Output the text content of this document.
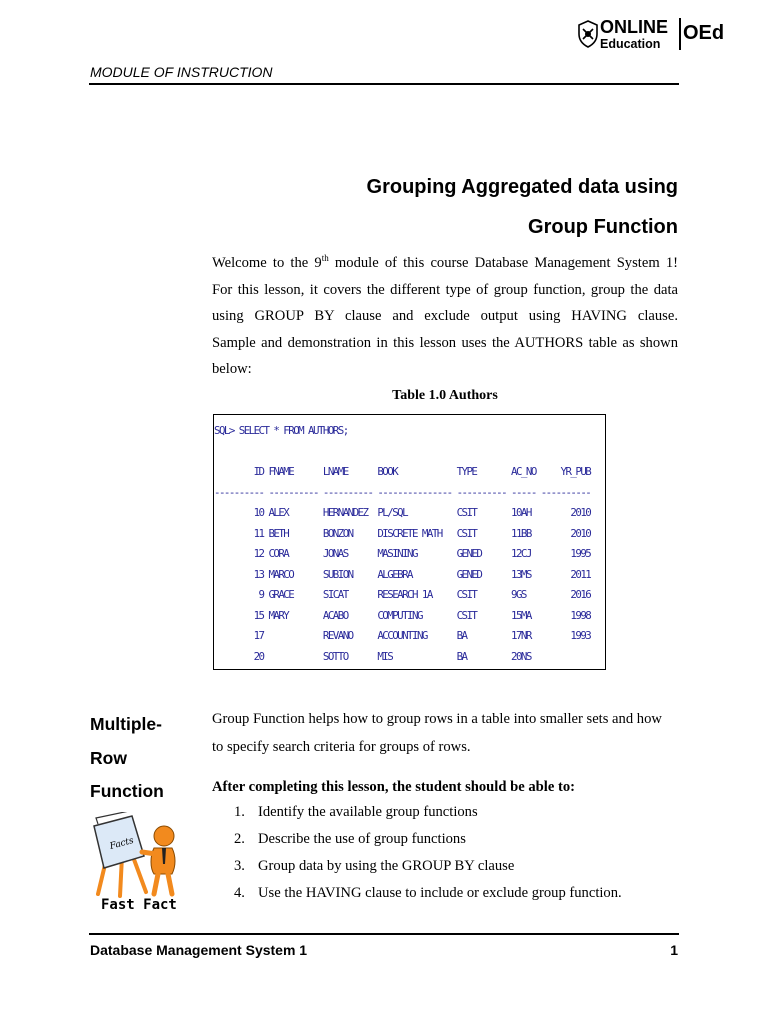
ONLINE
Education OEd
MODULE OF INSTRUCTION
Grouping Aggregated data using
Group Function
Welcome to the 9th module of this course Database Management System 1!
For this lesson, it covers the different type of group function, group the data
using GROUP BY clause and exclude output using HAVING clause.
Sample and demonstration in this lesson uses the AUTHORS table as shown
below:
Table 1.0 Authors
SQL> SELECT * FROM AUTHORS;

ID FNAME      LNAME      BOOK            TYPE       AC_NO     YR_PUB
---------- ---------- ---------- --------------- ---------- ----- ----------
10 ALEX       HERNANDEZ  PL/SQL          CSIT       10AH        2010
11 BETH       BONZON     DISCRETE MATH   CSIT       11BB        2010
12 CORA       JONAS      MASINING        GENED      12CJ        1995
13 MARCO      SUBION     ALGEBRA         GENED      13MS        2011
9 GRACE      SICAT      RESEARCH 1A     CSIT       9GS         2016
15 MARY       ACABO      COMPUTING       CSIT       15MA        1998
17            REVANO     ACCOUNTING      BA         17NR        1993
20            SOTTO      MIS             BA         20NS
Multiple-
Row
Function
Group Function helps how to group rows in a table into smaller sets and how
to specify search criteria for groups of rows.
After completing this lesson, the student should be able to:
1. Identify the available group functions
2. Describe the use of group functions
3. Group data by using the GROUP BY clause
4. Use the HAVING clause to include or exclude group function.
Facts
Fast Fact
Database Management System 1	1
